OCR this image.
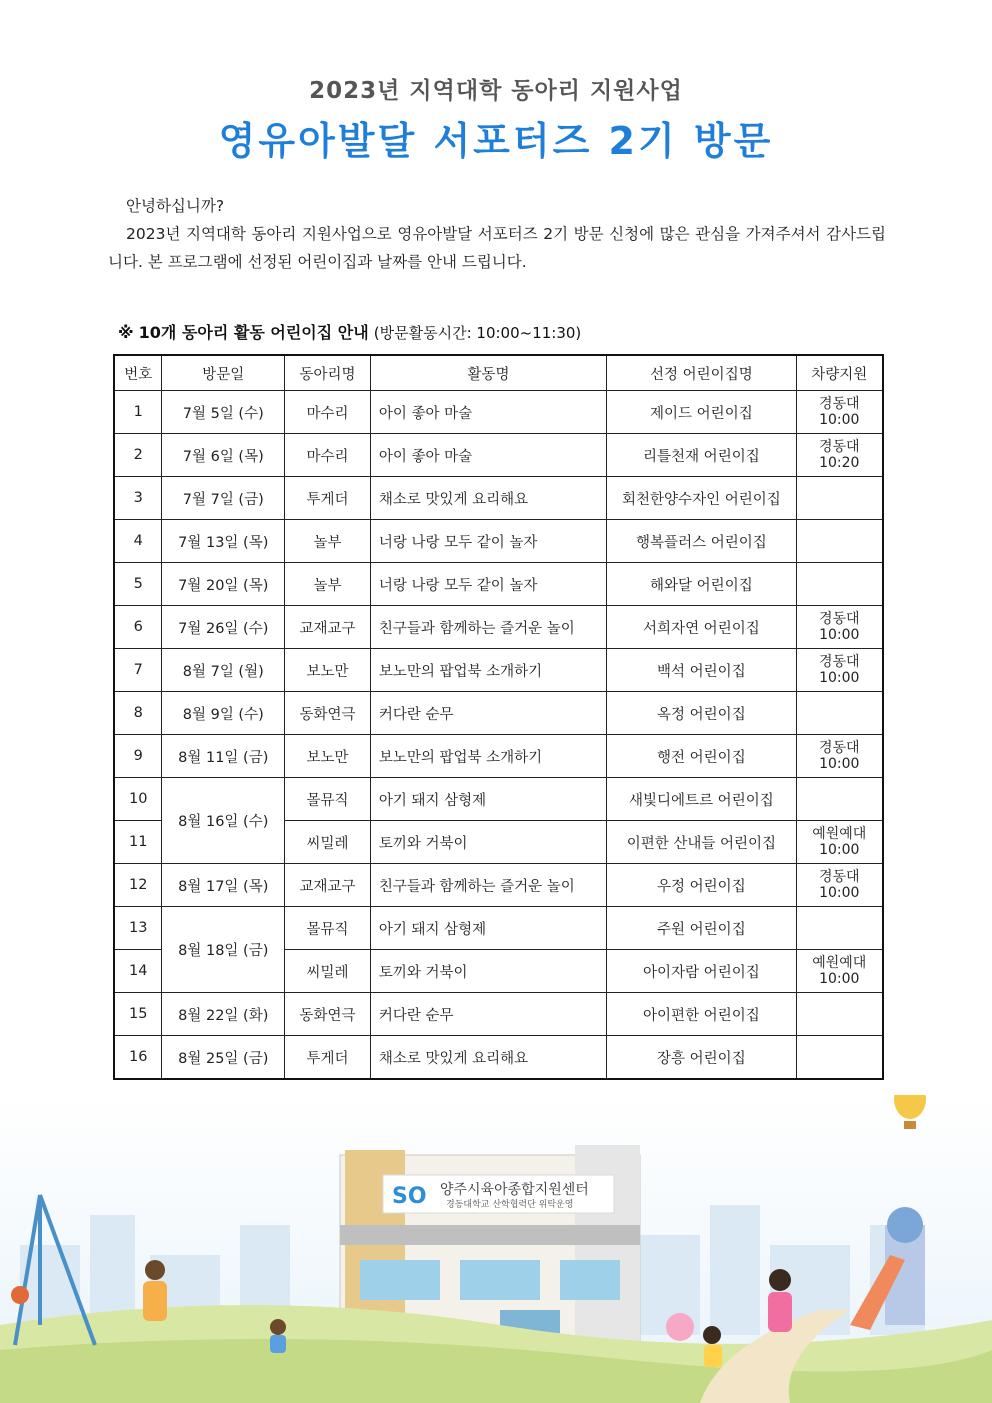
2023년 지역대학 동아리 지원사업
영유아발달 서포터즈 2기 방문

안녕하십니까?

2023년 지역대학 동아리 지원사업으로 영유아발달 서포터즈 2기 방문 신청에 많은 관심을 가져주셔서 감사드립니다. 본 프로그램에 선정된 어린이집과 날짜를 안내 드립니다.

※ 10개 동아리 활동 어린이집 안내 (방문활동시간: 10:00~11:30)
번호	방문일	동아리명	활동명	선정 어린이집명	차량지원
1	7월 5일 (수)	마수리	아이 좋아 마술	제이드 어린이집	경동대
10:00

2	7월 6일 (목)	마수리	아이 좋아 마술	리틀천재 어린이집	경동대
10:20

3	7월 7일 (금)	투게더	채소로 맛있게 요리해요	회천한양수자인 어린이집	

4	7월 13일 (목)	놀부	너랑 나랑 모두 같이 놀자	행복플러스 어린이집	

5	7월 20일 (목)	놀부	너랑 나랑 모두 같이 놀자	해와달 어린이집	

6	7월 26일 (수)	교재교구	친구들과 함께하는 즐거운 놀이	서희자연 어린이집	경동대
10:00

7	8월 7일 (월)	보노만	보노만의 팝업북 소개하기	백석 어린이집	경동대
10:00

8	8월 9일 (수)	동화연극	커다란 순무	옥정 어린이집	

9	8월 11일 (금)	보노만	보노만의 팝업북 소개하기	행전 어린이집	경동대
10:00

10	8월 16일 (수)	몰뮤직	아기 돼지 삼형제	새빛디에트르 어린이집	

11		씨밀레	토끼와 거북이	이편한 산내들 어린이집	예원예대
10:00

12	8월 17일 (목)	교재교구	친구들과 함께하는 즐거운 놀이	우정 어린이집	경동대
10:00

13	8월 18일 (금)	몰뮤직	아기 돼지 삼형제	주원 어린이집	

14		씨밀레	토끼와 거북이	아이자람 어린이집	예원예대
10:00

15	8월 22일 (화)	동화연극	커다란 순무	아이편한 어린이집	

16	8월 25일 (금)	투게더	채소로 맛있게 요리해요	장흥 어린이집	
SO 양주시육아종합지원센터
경동대학교 산학협력단 위탁운영
